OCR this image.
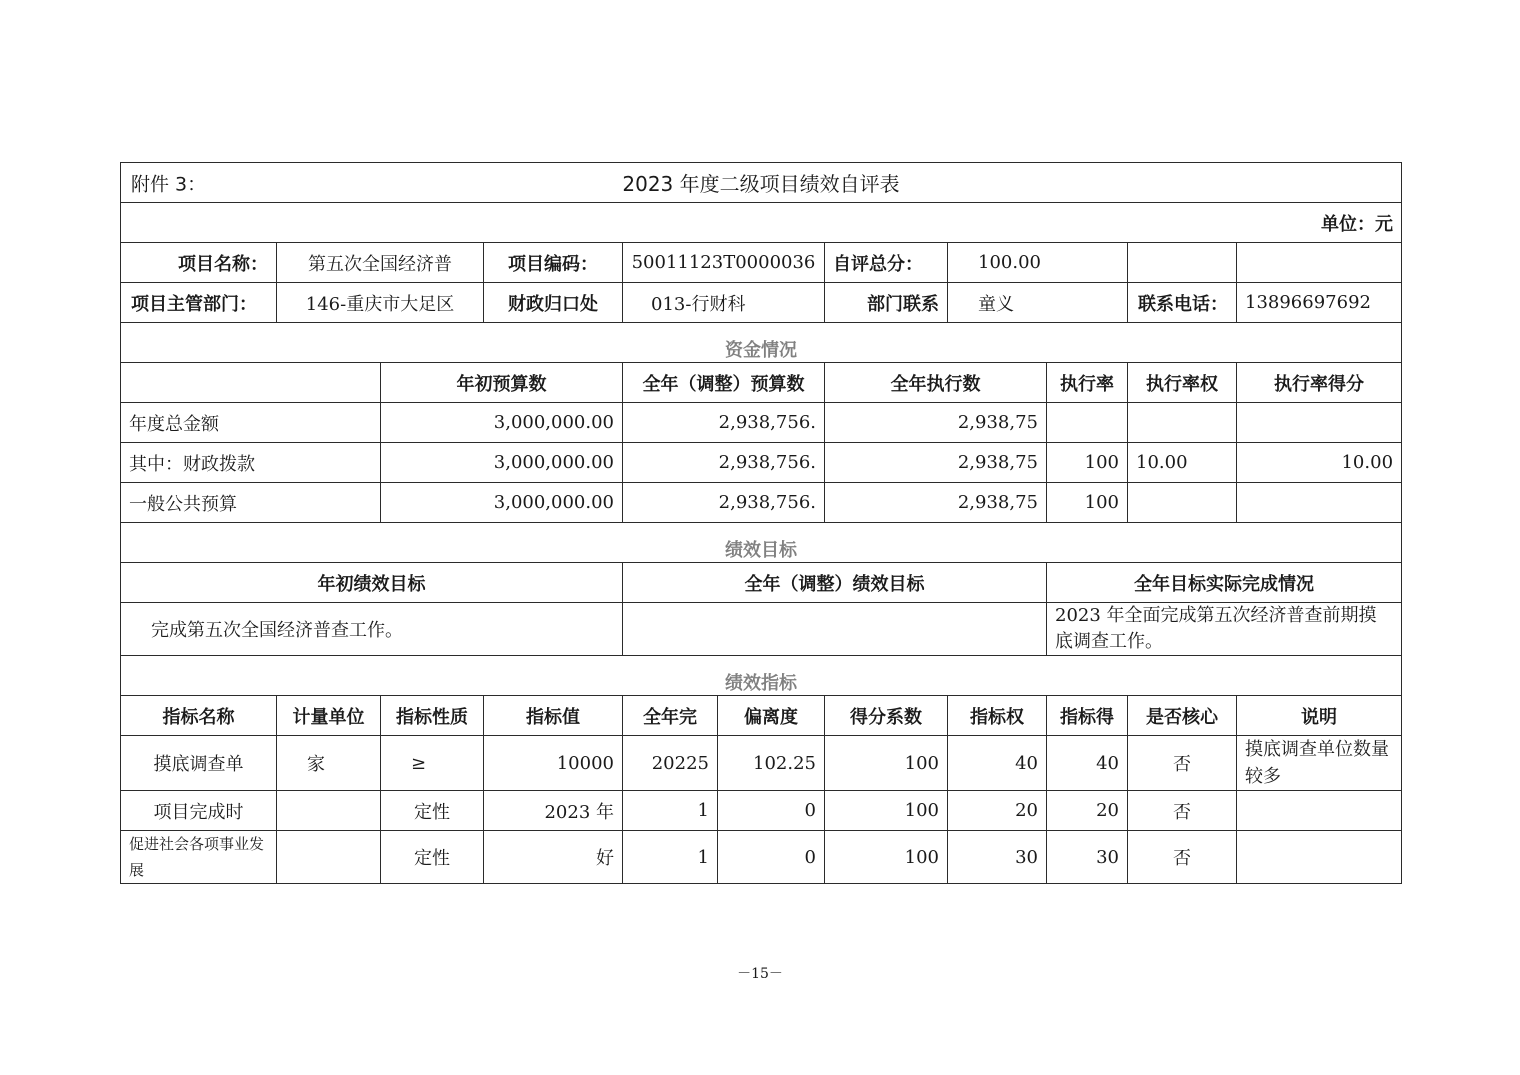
附件 3： 2023 年度二级项目绩效自评表										

单位：元										
项目名称：	第五次全国经济普		项目编码：	50011123T0000036		自评总分：	100.00			
项目主管部门：	146-重庆市大足区		财政归口处	013-行财科		部门联系	童义		联系电话：	13896697692
资金情况										
		年初预算数		全年（调整）预算数		全年执行数		执行率	执行率权	执行率得分
年度总金额		3,000,000.00		2,938,756.		2,938,75				
其中：财政拨款		3,000,000.00		2,938,756.		2,938,75		100	10.00	10.00
一般公共预算		3,000,000.00		2,938,756.		2,938,75		100		
绩效目标										
年初绩效目标				全年（调整）绩效目标				全年目标实际完成情况		
完成第五次全国经济普查工作。								2023 年全面完成第五次经济普查前期摸底调查工作。		
绩效指标										
指标名称	计量单位	指标性质	指标值	全年完	偏离度	得分系数	指标权	指标得	是否核心	说明
摸底调查单	家	≥	10000	20225	102.25	100	40	40	否	摸底调查单位数量较多
项目完成时		定性	2023 年	1	0	100	20	20	否	
促进社会各项事业发展		定性	好	1	0	100	30	30	否	
－15－
